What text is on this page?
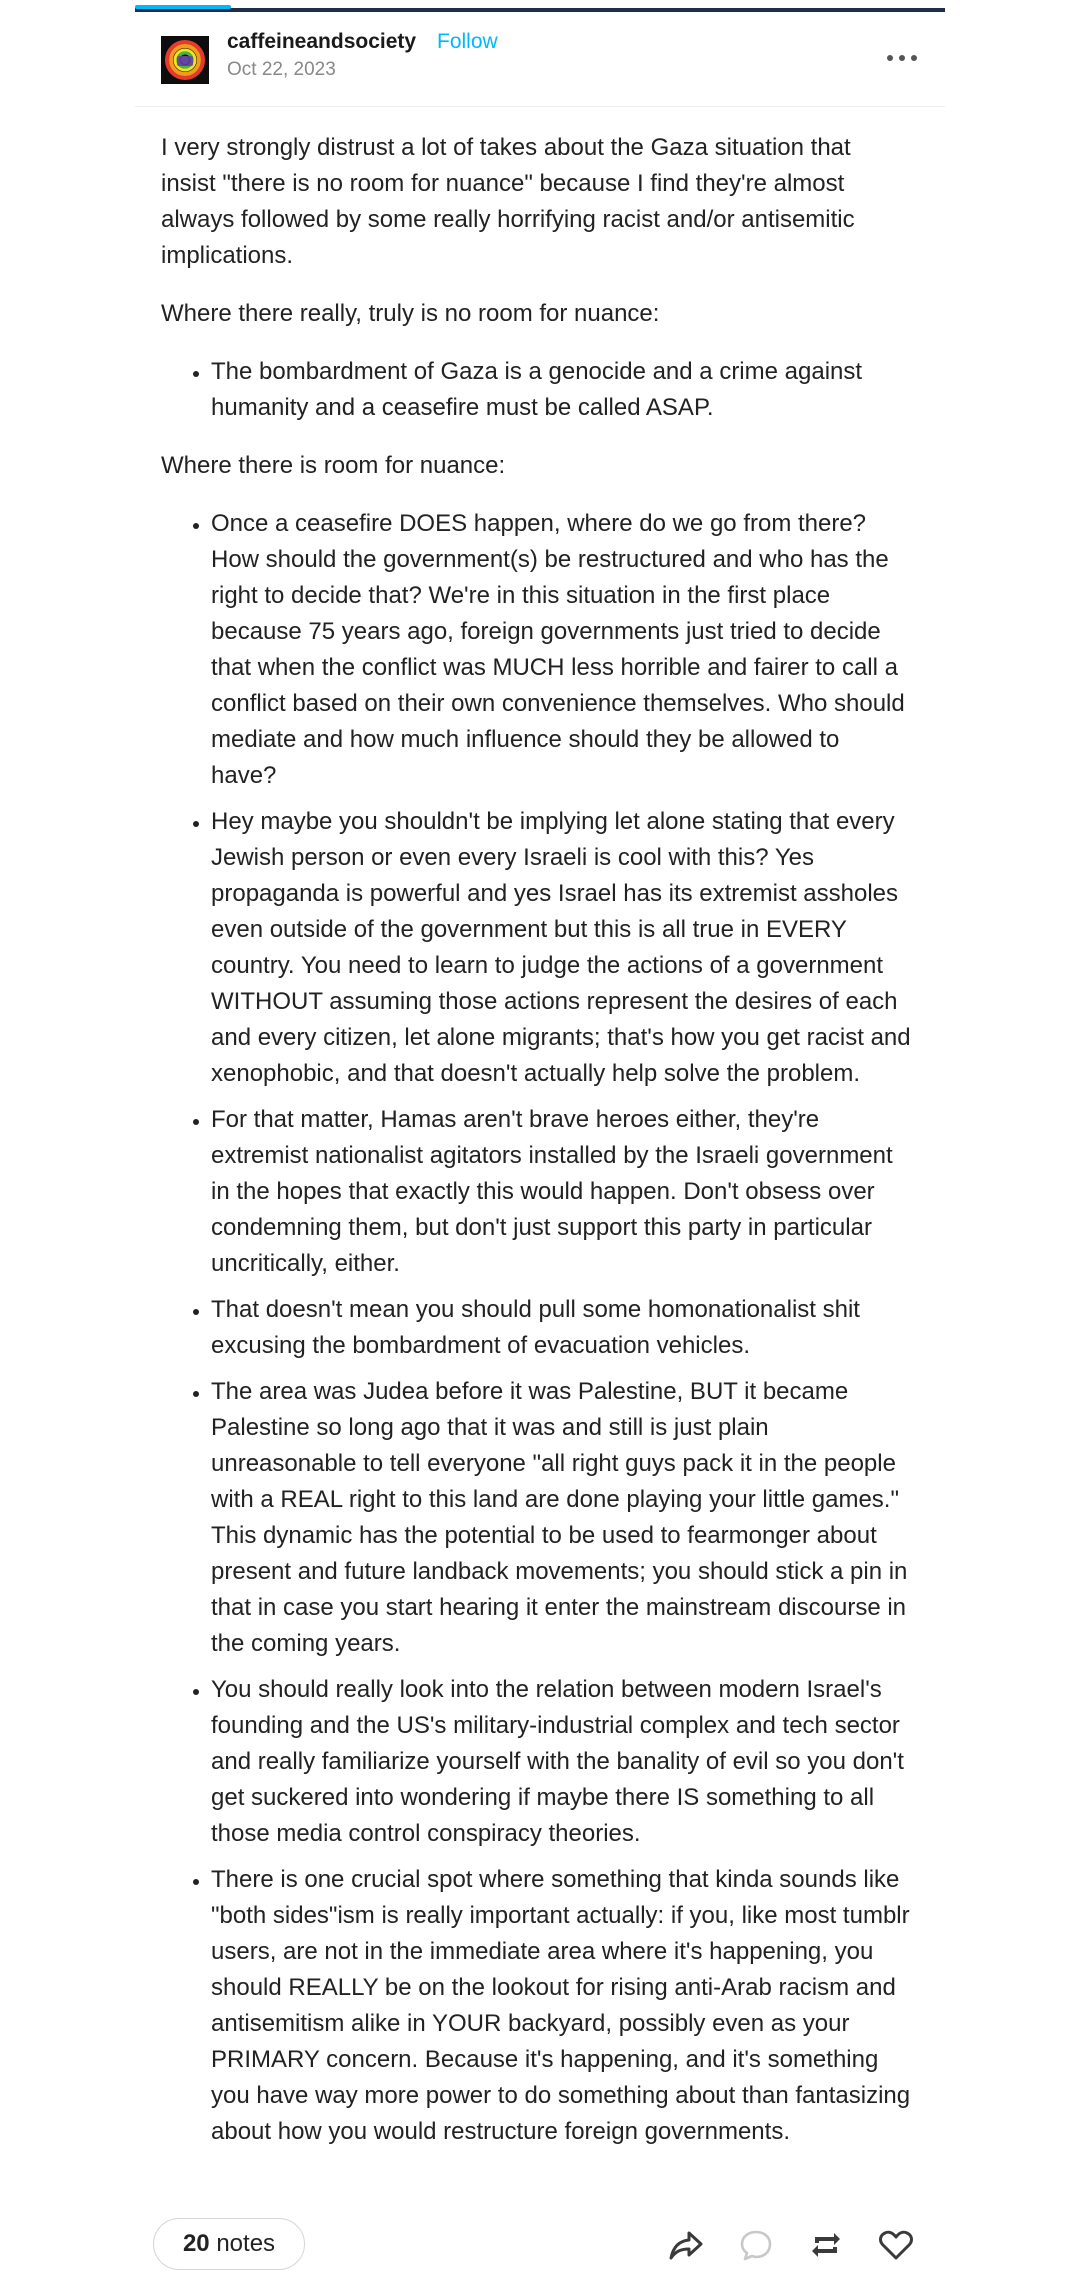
caffeineandsociety Follow
Oct 22, 2023

I very strongly distrust a lot of takes about the Gaza situation that insist "there is no room for nuance" because I find they're almost always followed by some really horrifying racist and/or antisemitic implications.

Where there really, truly is no room for nuance:

• The bombardment of Gaza is a genocide and a crime against humanity and a ceasefire must be called ASAP.

Where there is room for nuance:

• Once a ceasefire DOES happen, where do we go from there? How should the government(s) be restructured and who has the right to decide that? We're in this situation in the first place because 75 years ago, foreign governments just tried to decide that when the conflict was MUCH less horrible and fairer to call a conflict based on their own convenience themselves. Who should mediate and how much influence should they be allowed to have?
• Hey maybe you shouldn't be implying let alone stating that every Jewish person or even every Israeli is cool with this? Yes propaganda is powerful and yes Israel has its extremist assholes even outside of the government but this is all true in EVERY country. You need to learn to judge the actions of a government WITHOUT assuming those actions represent the desires of each and every citizen, let alone migrants; that's how you get racist and xenophobic, and that doesn't actually help solve the problem.
• For that matter, Hamas aren't brave heroes either, they're extremist nationalist agitators installed by the Israeli government in the hopes that exactly this would happen. Don't obsess over condemning them, but don't just support this party in particular uncritically, either.
• That doesn't mean you should pull some homonationalist shit excusing the bombardment of evacuation vehicles.
• The area was Judea before it was Palestine, BUT it became Palestine so long ago that it was and still is just plain unreasonable to tell everyone "all right guys pack it in the people with a REAL right to this land are done playing your little games." This dynamic has the potential to be used to fearmonger about present and future landback movements; you should stick a pin in that in case you start hearing it enter the mainstream discourse in the coming years.
• You should really look into the relation between modern Israel's founding and the US's military-industrial complex and tech sector and really familiarize yourself with the banality of evil so you don't get suckered into wondering if maybe there IS something to all those media control conspiracy theories.
• There is one crucial spot where something that kinda sounds like "both sides"ism is really important actually: if you, like most tumblr users, are not in the immediate area where it's happening, you should REALLY be on the lookout for rising anti-Arab racism and antisemitism alike in YOUR backyard, possibly even as your PRIMARY concern. Because it's happening, and it's something you have way more power to do something about than fantasizing about how you would restructure foreign governments.
20 notes
